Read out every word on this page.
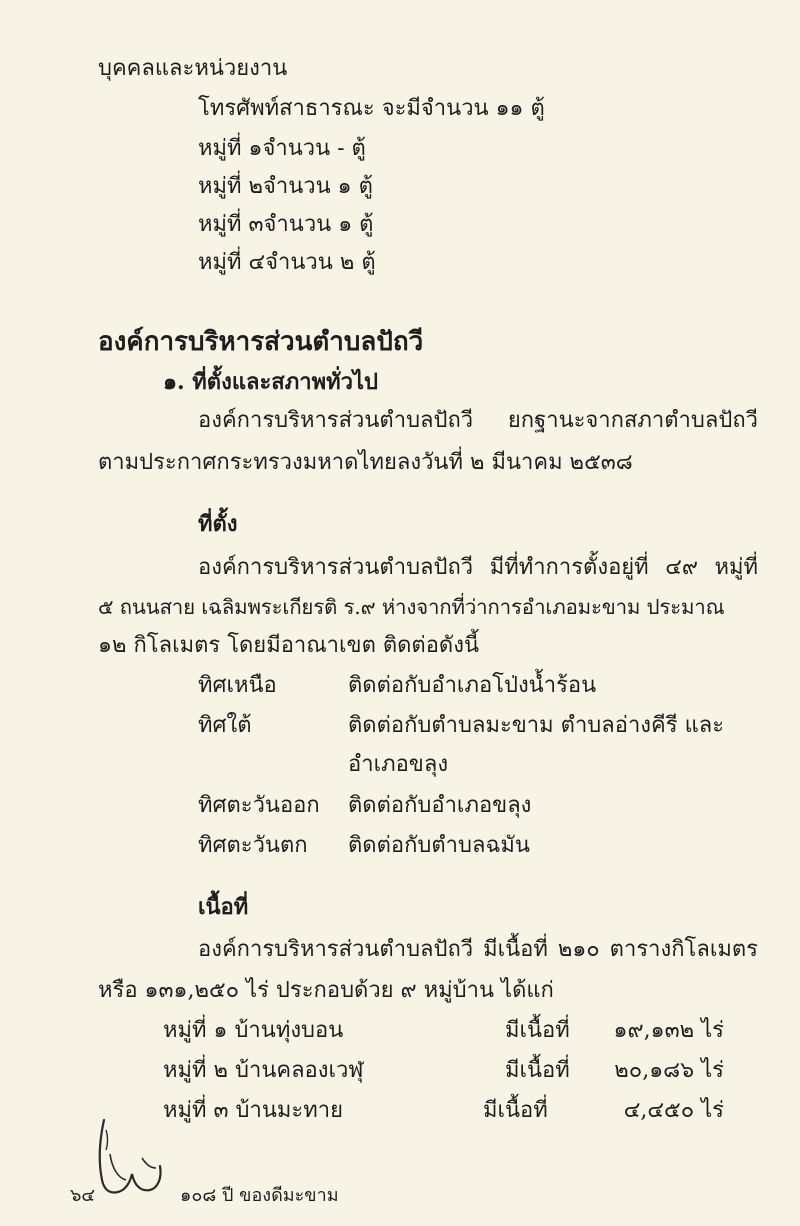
บุคคลและหน่วยงาน
โทรศัพท์สาธารณะ จะมีจำนวน ๑๑ ตู้
หมู่ที่ ๑จำนวน - ตู้
หมู่ที่ ๒จำนวน ๑ ตู้
หมู่ที่ ๓จำนวน ๑ ตู้
หมู่ที่ ๔จำนวน ๒ ตู้
องค์การบริหารส่วนตำบลปัถวี
๑. ที่ตั้งและสภาพทั่วไป
องค์การบริหารส่วนตำบลปัถวี ยกฐานะจากสภาตำบลปัถวี
ตามประกาศกระทรวงมหาดไทยลงวันที่ ๒ มีนาคม ๒๕๓๘
ที่ตั้ง
องค์การบริหารส่วนตำบลปัถวี มีที่ทำการตั้งอยู่ที่ ๔๙ หมู่ที่
๕ ถนนสาย เฉลิมพระเกียรติ ร.๙ ห่างจากที่ว่าการอำเภอมะขาม ประมาณ
๑๒ กิโลเมตร โดยมีอาณาเขต ติดต่อดังนี้
ทิศเหนือ	ติดต่อกับอำเภอโป่งน้ำร้อน
ทิศใต้	ติดต่อกับตำบลมะขาม ตำบลอ่างคีรี และ
อำเภอขลุง
ทิศตะวันออก ติดต่อกับอำเภอขลุง
ทิศตะวันตก ติดต่อกับตำบลฉมัน
เนื้อที่
องค์การบริหารส่วนตำบลปัถวี มีเนื้อที่ ๒๑๐ ตารางกิโลเมตร
หรือ ๑๓๑,๒๕๐ ไร่ ประกอบด้วย ๙ หมู่บ้าน ได้แก่
หมู่ที่ ๑ บ้านทุ่งบอน	มีเนื้อที่	๑๙,๑๓๒ ไร่
หมู่ที่ ๒ บ้านคลองเวฬุ	มีเนื้อที่	๒๐,๑๘๖ ไร่
หมู่ที่ ๓ บ้านมะทาย	มีเนื้อที่	๔,๔๕๐ ไร่
๖๔	๑๐๘ ปี ของดีมะขาม
